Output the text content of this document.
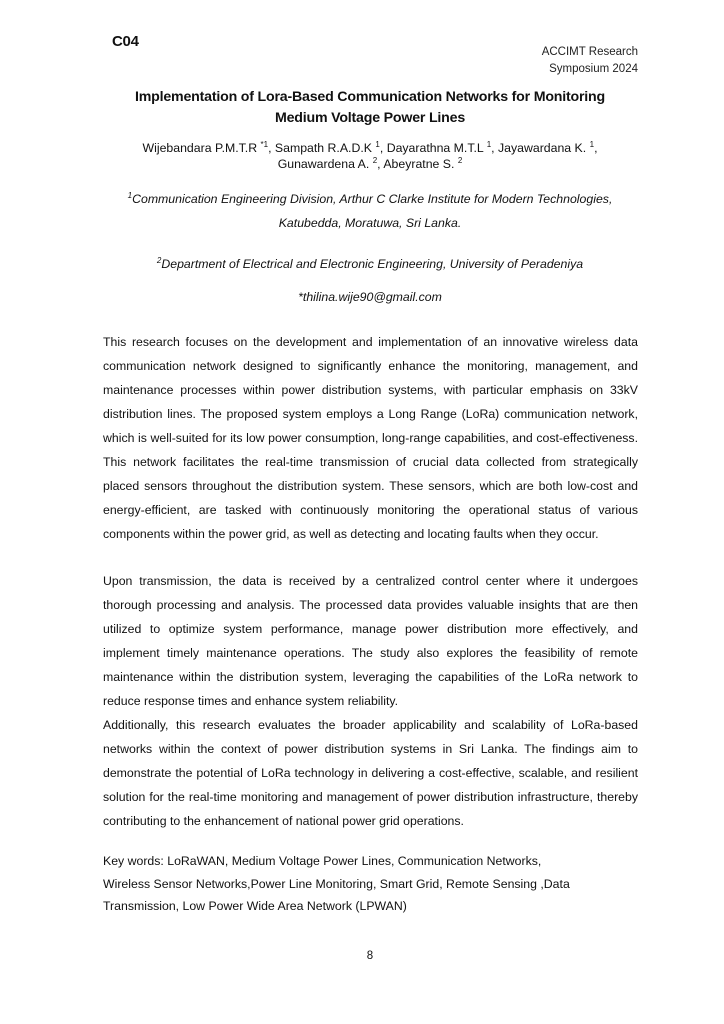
C04
ACCIMT Research
Symposium 2024
Implementation of Lora-Based Communication Networks for Monitoring
Medium Voltage Power Lines
Wijebandara P.M.T.R $^{*1}$, Sampath R.A.D.K $^1$, Dayarathna M.T.L $^1$, Jayawardana K. $^1$,
Gunawardena A. $^2$, Abeyratne S. $^2$
$^1$Communication Engineering Division, Arthur C Clarke Institute for Modern Technologies,
Katubedda, Moratuwa, Sri Lanka.
$^2$Department of Electrical and Electronic Engineering, University of Peradeniya
*thilina.wije90@gmail.com
This research focuses on the development and implementation of an innovative wireless data communication network designed to significantly enhance the monitoring, management, and maintenance processes within power distribution systems, with particular emphasis on 33kV distribution lines. The proposed system employs a Long Range (LoRa) communication network, which is well-suited for its low power consumption, long-range capabilities, and cost-effectiveness. This network facilitates the real-time transmission of crucial data collected from strategically placed sensors throughout the distribution system. These sensors, which are both low-cost and energy-efficient, are tasked with continuously monitoring the operational status of various components within the power grid, as well as detecting and locating faults when they occur.
Upon transmission, the data is received by a centralized control center where it undergoes thorough processing and analysis. The processed data provides valuable insights that are then utilized to optimize system performance, manage power distribution more effectively, and implement timely maintenance operations. The study also explores the feasibility of remote maintenance within the distribution system, leveraging the capabilities of the LoRa network to reduce response times and enhance system reliability.
Additionally, this research evaluates the broader applicability and scalability of LoRa-based networks within the context of power distribution systems in Sri Lanka. The findings aim to demonstrate the potential of LoRa technology in delivering a cost-effective, scalable, and resilient solution for the real-time monitoring and management of power distribution infrastructure, thereby contributing to the enhancement of national power grid operations.
Key words: LoRaWAN, Medium Voltage Power Lines, Communication Networks,
Wireless Sensor Networks,Power Line Monitoring, Smart Grid, Remote Sensing ,Data
Transmission, Low Power Wide Area Network (LPWAN)
8
